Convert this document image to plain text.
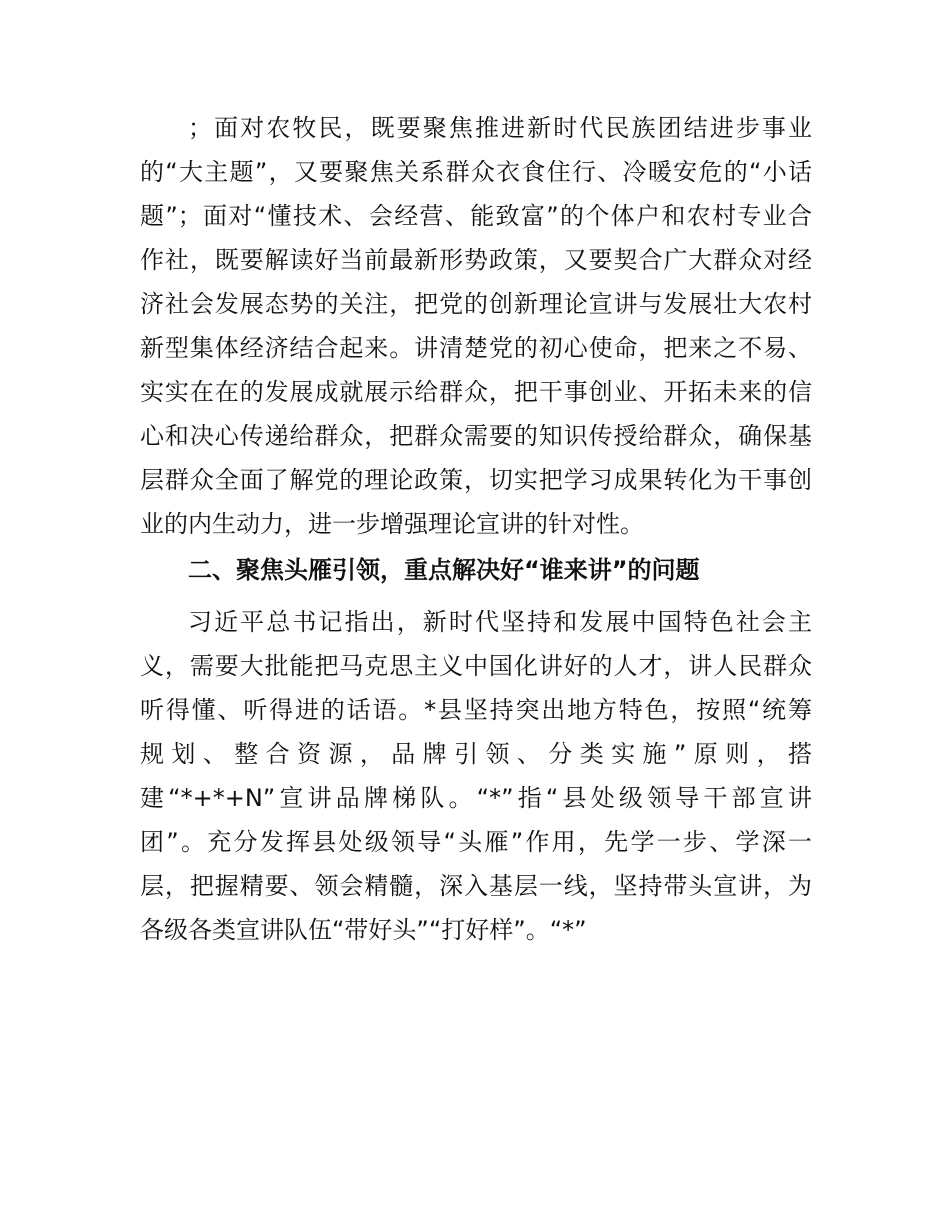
；面对农牧民，既要聚焦推进新时代民族团结进步事业
的“大主题”，又要聚焦关系群众衣食住行、冷暖安危的“小话
题”；面对“懂技术、会经营、能致富”的个体户和农村专业合
作社，既要解读好当前最新形势政策，又要契合广大群众对经
济社会发展态势的关注，把党的创新理论宣讲与发展壮大农村
新型集体经济结合起来。讲清楚党的初心使命，把来之不易、
实实在在的发展成就展示给群众，把干事创业、开拓未来的信
心和决心传递给群众，把群众需要的知识传授给群众，确保基
层群众全面了解党的理论政策，切实把学习成果转化为干事创
业的内生动力，进一步增强理论宣讲的针对性。
二、聚焦头雁引领，重点解决好“谁来讲”的问题
习近平总书记指出，新时代坚持和发展中国特色社会主
义，需要大批能把马克思主义中国化讲好的人才，讲人民群众
听得懂、听得进的话语。*县坚持突出地方特色，按照“统筹
规划、整合资源，品牌引领、分类实施”原则，搭
建“*+*+N”宣讲品牌梯队。“*”指“县处级领导干部宣讲
团”。充分发挥县处级领导“头雁”作用，先学一步、学深一
层，把握精要、领会精髓，深入基层一线，坚持带头宣讲，为
各级各类宣讲队伍“带好头”“打好样”。“*”
